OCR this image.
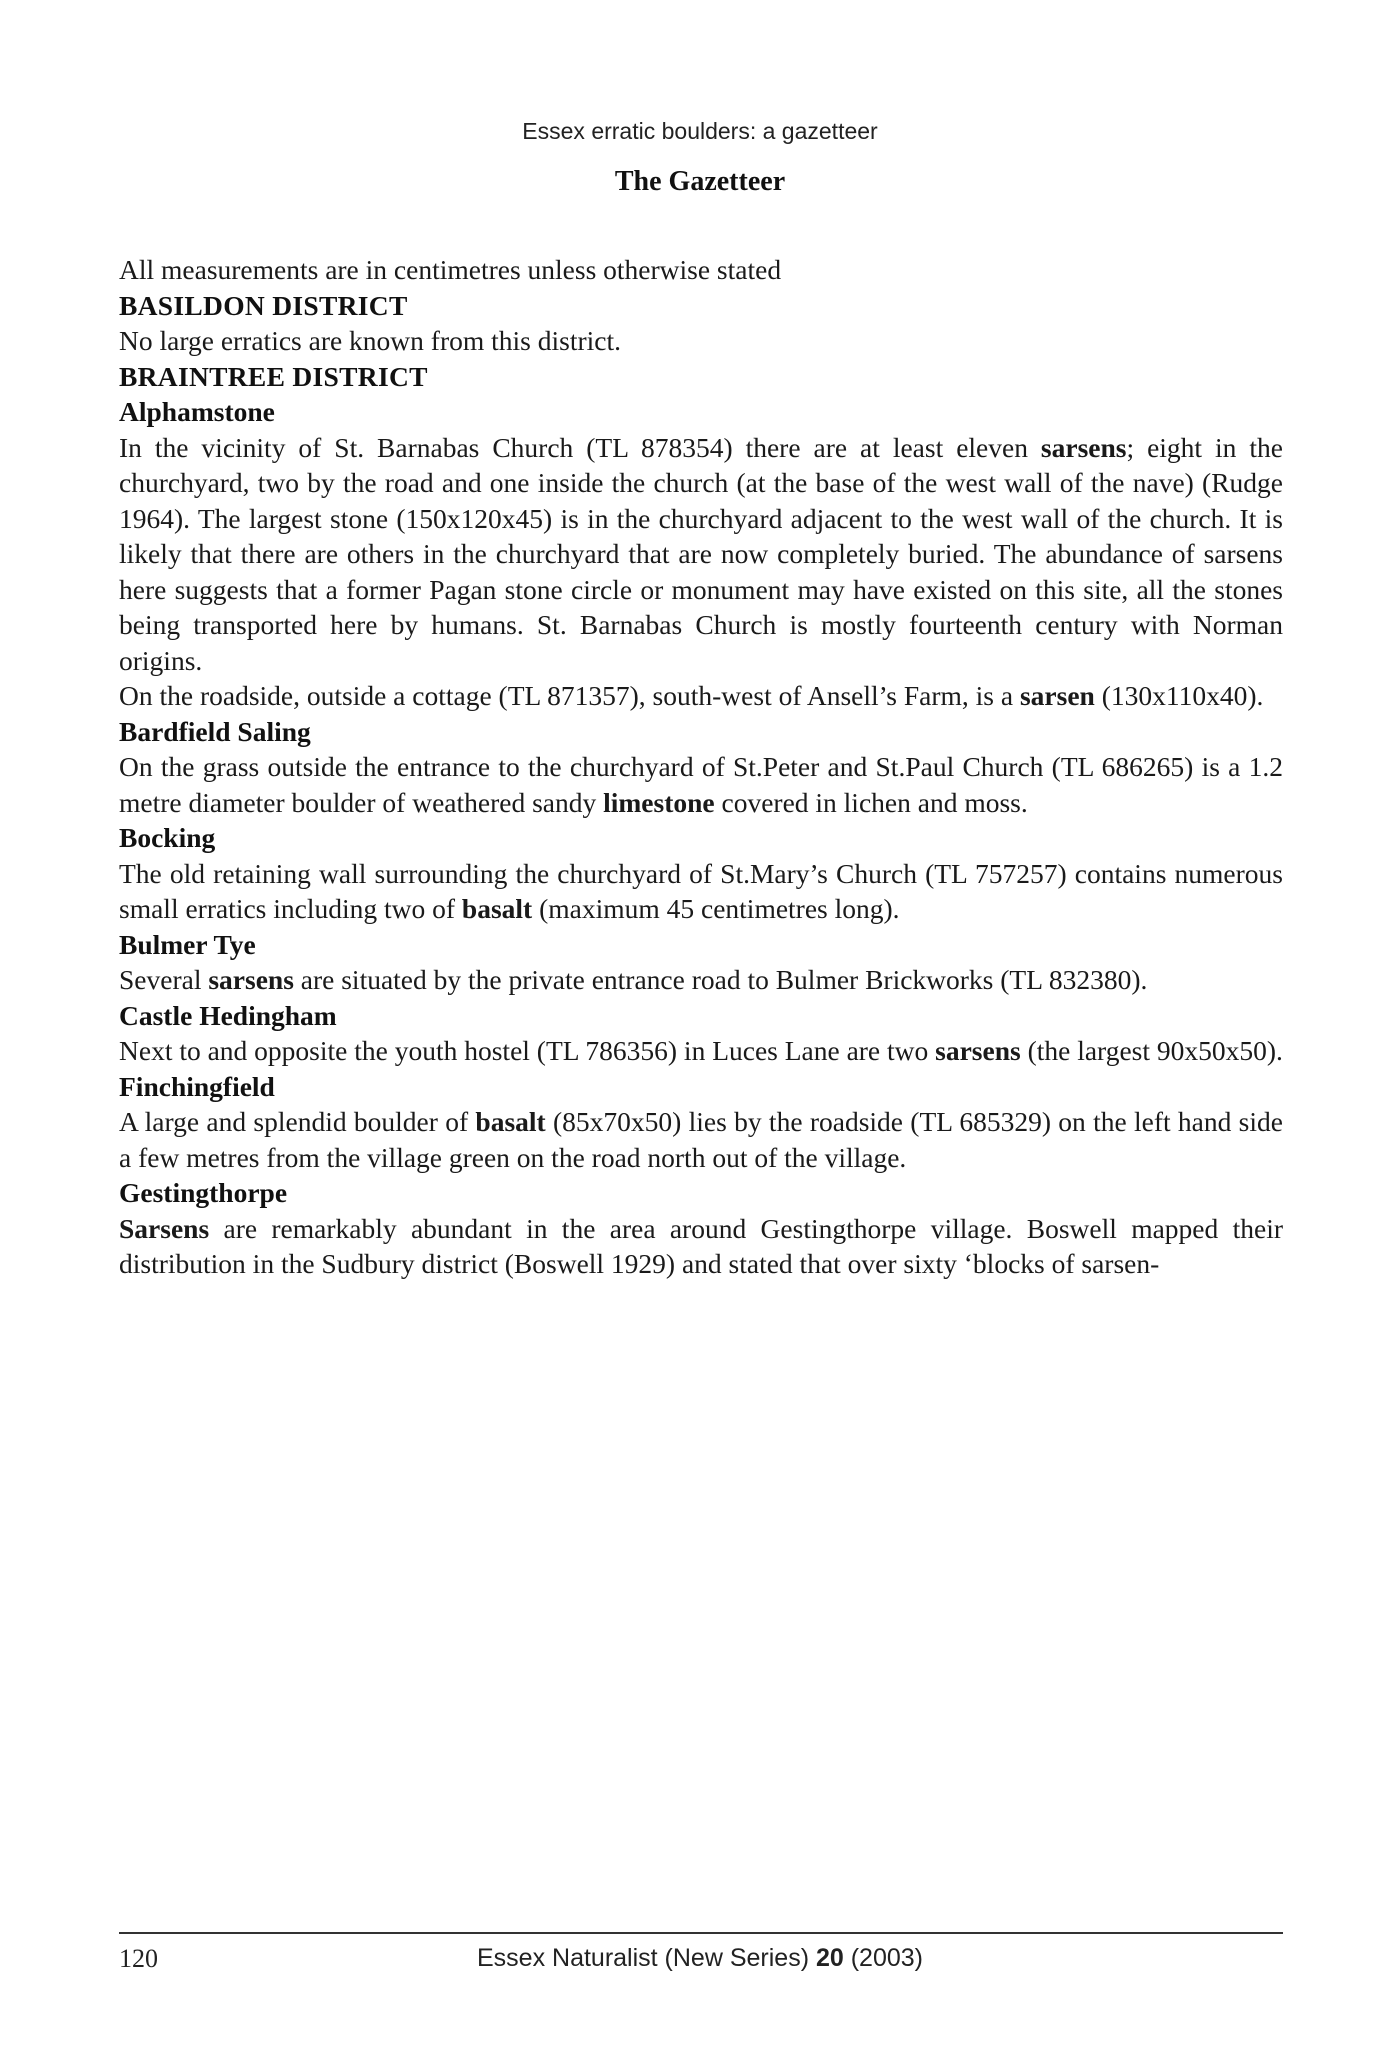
Essex erratic boulders: a gazetteer
The Gazetteer

All measurements are in centimetres unless otherwise stated

BASILDON DISTRICT

No large erratics are known from this district.

BRAINTREE DISTRICT
Alphamstone

In the vicinity of St. Barnabas Church (TL 878354) there are at least eleven sarsens; eight in the churchyard, two by the road and one inside the church (at the base of the west wall of the nave) (Rudge 1964). The largest stone (150x120x45) is in the churchyard adjacent to the west wall of the church. It is likely that there are others in the churchyard that are now completely buried. The abundance of sarsens here suggests that a former Pagan stone circle or monument may have existed on this site, all the stones being transported here by humans. St. Barnabas Church is mostly fourteenth century with Norman origins.

On the roadside, outside a cottage (TL 871357), south-west of Ansell’s Farm, is a sarsen (130x110x40).

Bardfield Saling

On the grass outside the entrance to the churchyard of St.Peter and St.Paul Church (TL 686265) is a 1.2 metre diameter boulder of weathered sandy limestone covered in lichen and moss.

Bocking

The old retaining wall surrounding the churchyard of St.Mary’s Church (TL 757257) contains numerous small erratics including two of basalt (maximum 45 centimetres long).

Bulmer Tye

Several sarsens are situated by the private entrance road to Bulmer Brickworks (TL 832380).

Castle Hedingham

Next to and opposite the youth hostel (TL 786356) in Luces Lane are two sarsens (the largest 90x50x50).

Finchingfield

A large and splendid boulder of basalt (85x70x50) lies by the roadside (TL 685329) on the left hand side a few metres from the village green on the road north out of the village.

Gestingthorpe

Sarsens are remarkably abundant in the area around Gestingthorpe village. Boswell mapped their distribution in the Sudbury district (Boswell 1929) and stated that over sixty ‘blocks of sarsen-

120	Essex Naturalist (New Series) 20 (2003)
